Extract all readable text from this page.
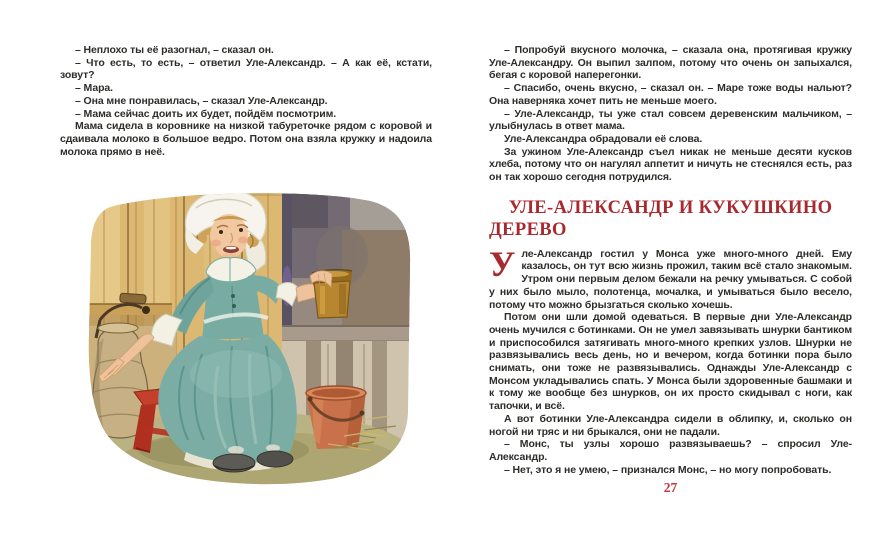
– Неплохо ты её разогнал, – сказал он.

– Что есть, то есть, – ответил Уле-Александр. – А как её, кстати, зовут?

– Мара.

– Она мне понравилась, – сказал Уле-Александр.

– Мама сейчас доить их будет, пойдём посмотрим.

Мама сидела в коровнике на низкой табуреточке рядом с коровой и сдаивала молоко в большое ведро. Потом она взяла кружку и надоила молока прямо в неё.

– Попробуй вкусного молочка, – сказала она, протягивая кружку Уле-Александру. Он выпил залпом, потому что очень он запыхался, бегая с коровой наперегонки.

– Спасибо, очень вкусно, – сказал он. – Маре тоже воды нальют? Она наверняка хочет пить не меньше моего.

– Уле-Александр, ты уже стал совсем деревенским мальчиком, – улыбнулась в ответ мама.

Уле-Александра обрадовали её слова.

За ужином Уле-Александр съел никак не меньше десяти кусков хлеба, потому что он нагулял аппетит и ничуть не стеснялся есть, раз он так хорошо сегодня потрудился.

УЛЕ-АЛЕКСАНДР И КУКУШКИНО ДЕРЕВО

Уле-Александр гостил у Монса уже много-много дней. Ему казалось, он тут всю жизнь прожил, таким всё стало знакомым. Утром они первым делом бежали на речку умываться. С собой у них было мыло, полотенца, мочалка, и умываться было весело, потому что можно брызгаться сколько хочешь.

Потом они шли домой одеваться. В первые дни Уле-Александр очень мучился с ботинками. Он не умел завязывать шнурки бантиком и приспособился затягивать много-много крепких узлов. Шнурки не развязывались весь день, но и вечером, когда ботинки пора было снимать, они тоже не развязывались. Однажды Уле-Александр с Монсом укладывались спать. У Монса были здоровенные башмаки и к тому же вообще без шнурков, он их просто скидывал с ноги, как тапочки, и всё.

А вот ботинки Уле-Александра сидели в облипку, и, сколько он ногой ни тряс и ни брыкался, они не падали.

– Монс, ты узлы хорошо развязываешь? – спросил Уле-Александр.

– Нет, это я не умею, – признался Монс, – но могу попробовать.

27
